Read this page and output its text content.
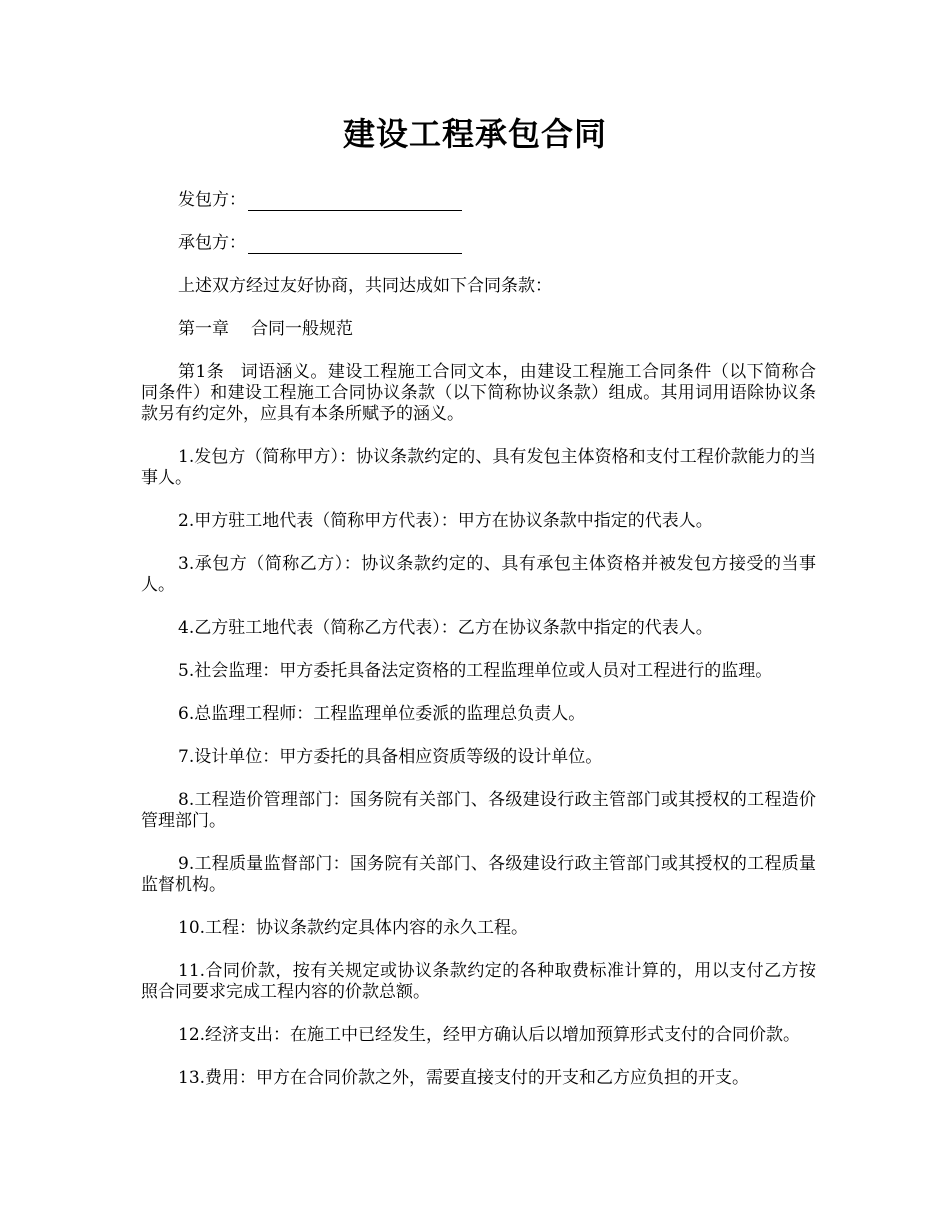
建设工程承包合同
发包方：
承包方：

上述双方经过友好协商，共同达成如下合同条款：

第一章 合同一般规范

第1条 词语涵义。建设工程施工合同文本，由建设工程施工合同条件（以下简称合同条件）和建设工程施工合同协议条款（以下简称协议条款）组成。其用词用语除协议条款另有约定外，应具有本条所赋予的涵义。

1.发包方（简称甲方）：协议条款约定的、具有发包主体资格和支付工程价款能力的当事人。

2.甲方驻工地代表（简称甲方代表）：甲方在协议条款中指定的代表人。

3.承包方（简称乙方）：协议条款约定的、具有承包主体资格并被发包方接受的当事人。

4.乙方驻工地代表（简称乙方代表）：乙方在协议条款中指定的代表人。

5.社会监理：甲方委托具备法定资格的工程监理单位或人员对工程进行的监理。

6.总监理工程师：工程监理单位委派的监理总负责人。

7.设计单位：甲方委托的具备相应资质等级的设计单位。

8.工程造价管理部门：国务院有关部门、各级建设行政主管部门或其授权的工程造价管理部门。

9.工程质量监督部门：国务院有关部门、各级建设行政主管部门或其授权的工程质量监督机构。

10.工程：协议条款约定具体内容的永久工程。

11.合同价款，按有关规定或协议条款约定的各种取费标准计算的，用以支付乙方按照合同要求完成工程内容的价款总额。

12.经济支出：在施工中已经发生，经甲方确认后以增加预算形式支付的合同价款。

13.费用：甲方在合同价款之外，需要直接支付的开支和乙方应负担的开支。
